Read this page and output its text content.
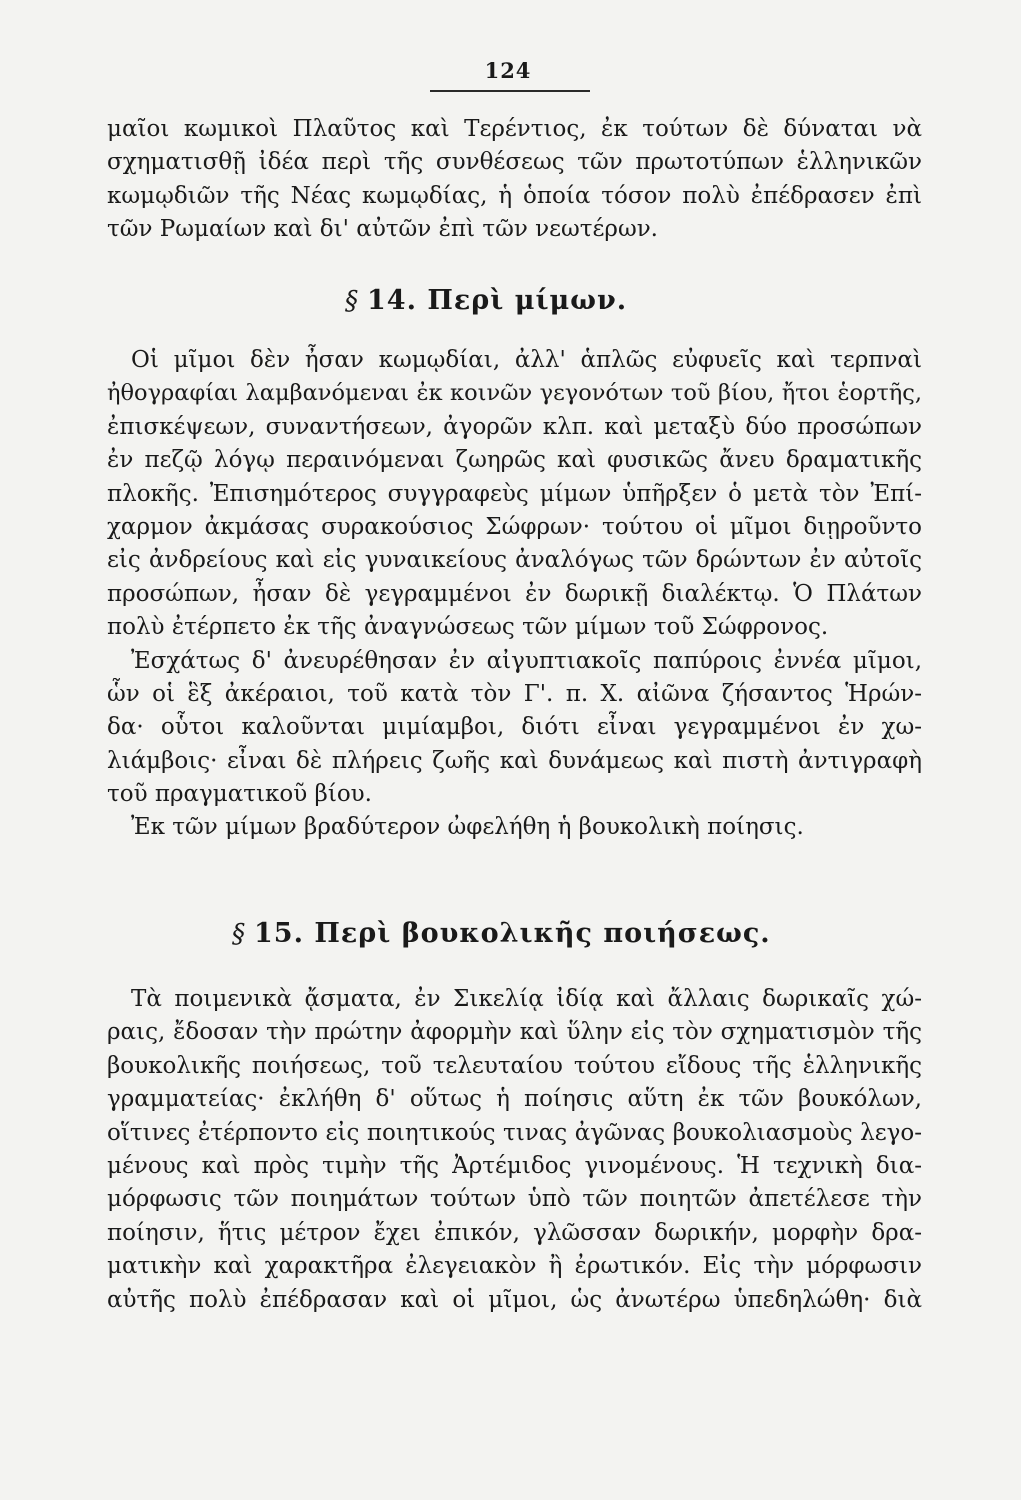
124
μαῖοι κωμικοὶ Πλαῦτος καὶ Τερέντιος, ἐκ τούτων δὲ δύναται νὰ
σχηματισθῇ ἰδέα περὶ τῆς συνθέσεως τῶν πρωτοτύπων ἑλληνικῶν
κωμῳδιῶν τῆς Νέας κωμῳδίας, ἡ ὁποία τόσον πολὺ ἐπέδρασεν ἐπὶ
τῶν Ρωμαίων καὶ δι' αὐτῶν ἐπὶ τῶν νεωτέρων.
§ 14. Περὶ μίμων.
Οἱ μῖμοι δὲν ἦσαν κωμῳδίαι, ἀλλ' ἁπλῶς εὐφυεῖς καὶ τερπναὶ
ἠθογραφίαι λαμβανόμεναι ἐκ κοινῶν γεγονότων τοῦ βίου, ἤτοι ἑορτῆς,
ἐπισκέψεων, συναντήσεων, ἀγορῶν κλπ. καὶ μεταξὺ δύο προσώπων
ἐν πεζῷ λόγῳ περαινόμεναι ζωηρῶς καὶ φυσικῶς ἄνευ δραματικῆς
πλοκῆς. Ἐπισημότερος συγγραφεὺς μίμων ὑπῆρξεν ὁ μετὰ τὸν Ἐπί-
χαρμον ἀκμάσας συρακούσιος Σώφρων· τούτου οἱ μῖμοι διῃροῦντο
εἰς ἀνδρείους καὶ εἰς γυναικείους ἀναλόγως τῶν δρώντων ἐν αὐτοῖς
προσώπων, ἦσαν δὲ γεγραμμένοι ἐν δωρικῇ διαλέκτῳ. Ὁ Πλάτων
πολὺ ἐτέρπετο ἐκ τῆς ἀναγνώσεως τῶν μίμων τοῦ Σώφρονος.
Ἐσχάτως δ' ἀνευρέθησαν ἐν αἰγυπτιακοῖς παπύροις ἐννέα μῖμοι,
ὧν οἱ ἓξ ἀκέραιοι, τοῦ κατὰ τὸν Γ'. π. Χ. αἰῶνα ζήσαντος Ἡρών-
δα· οὗτοι καλοῦνται μιμίαμβοι, διότι εἶναι γεγραμμένοι ἐν χω-
λιάμβοις· εἶναι δὲ πλήρεις ζωῆς καὶ δυνάμεως καὶ πιστὴ ἀντιγραφὴ
τοῦ πραγματικοῦ βίου.
Ἐκ τῶν μίμων βραδύτερον ὠφελήθη ἡ βουκολικὴ ποίησις.
§ 15. Περὶ βουκολικῆς ποιήσεως.
Τὰ ποιμενικὰ ᾄσματα, ἐν Σικελίᾳ ἰδίᾳ καὶ ἄλλαις δωρικαῖς χώ-
ραις, ἔδοσαν τὴν πρώτην ἀφορμὴν καὶ ὕλην εἰς τὸν σχηματισμὸν τῆς
βουκολικῆς ποιήσεως, τοῦ τελευταίου τούτου εἴδους τῆς ἑλληνικῆς
γραμματείας· ἐκλήθη δ' οὕτως ἡ ποίησις αὕτη ἐκ τῶν βουκόλων,
οἵτινες ἐτέρποντο εἰς ποιητικούς τινας ἀγῶνας βουκολιασμοὺς λεγο-
μένους καὶ πρὸς τιμὴν τῆς Ἀρτέμιδος γινομένους. Ἡ τεχνικὴ δια-
μόρφωσις τῶν ποιημάτων τούτων ὑπὸ τῶν ποιητῶν ἀπετέλεσε τὴν
ποίησιν, ἥτις μέτρον ἔχει ἐπικόν, γλῶσσαν δωρικήν, μορφὴν δρα-
ματικὴν καὶ χαρακτῆρα ἐλεγειακὸν ἢ ἐρωτικόν. Εἰς τὴν μόρφωσιν
αὐτῆς πολὺ ἐπέδρασαν καὶ οἱ μῖμοι, ὡς ἀνωτέρω ὑπεδηλώθη· διὰ
